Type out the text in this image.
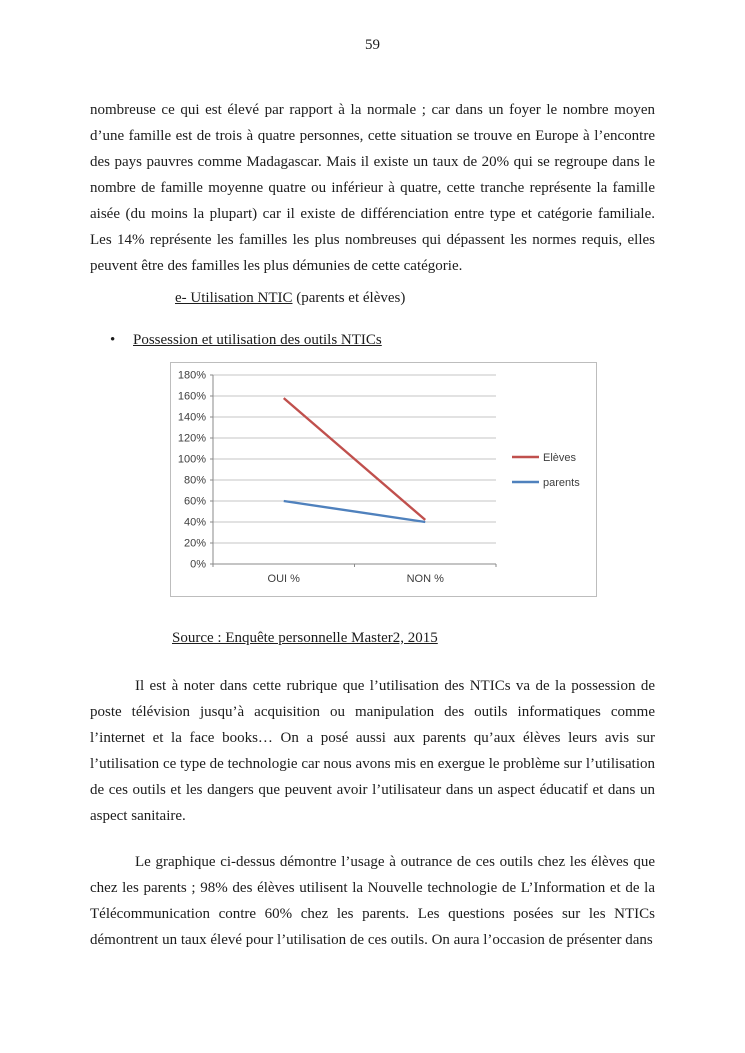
59

nombreuse ce qui est élevé par rapport à la normale ; car dans un foyer le nombre moyen d’une famille est de trois à quatre personnes, cette situation se trouve en Europe à l’encontre des pays pauvres comme Madagascar. Mais il existe un taux de 20% qui se regroupe dans le nombre de famille moyenne quatre ou inférieur à quatre, cette tranche représente la famille aisée (du moins la plupart) car il existe de différenciation entre type et catégorie familiale. Les 14% représente les familles les plus nombreuses qui dépassent les normes requis, elles peuvent être des familles les plus démunies de cette catégorie.

e- Utilisation NTIC (parents et élèves)

•	Possession et utilisation des outils NTICs
0%
20%
40%
60%
80%
100%
120%
140%
160%
180%
OUI %	NON %
Elèves
parents

Source : Enquête personnelle Master2, 2015

Il est à noter dans cette rubrique que l’utilisation des NTICs va de la possession de poste télévision jusqu’à acquisition ou manipulation des outils informatiques comme l’internet et la face books… On a posé aussi aux parents qu’aux élèves leurs avis sur l’utilisation ce type de technologie car nous avons mis en exergue le problème sur l’utilisation de ces outils et les dangers que peuvent avoir l’utilisateur dans un aspect éducatif et dans un aspect sanitaire.

Le graphique ci-dessus démontre l’usage à outrance de ces outils chez les élèves que chez les parents ; 98% des élèves utilisent la Nouvelle technologie de L’Information et de la Télécommunication contre 60% chez les parents. Les questions posées sur les NTICs démontrent un taux élevé pour l’utilisation de ces outils. On aura l’occasion de présenter dans
